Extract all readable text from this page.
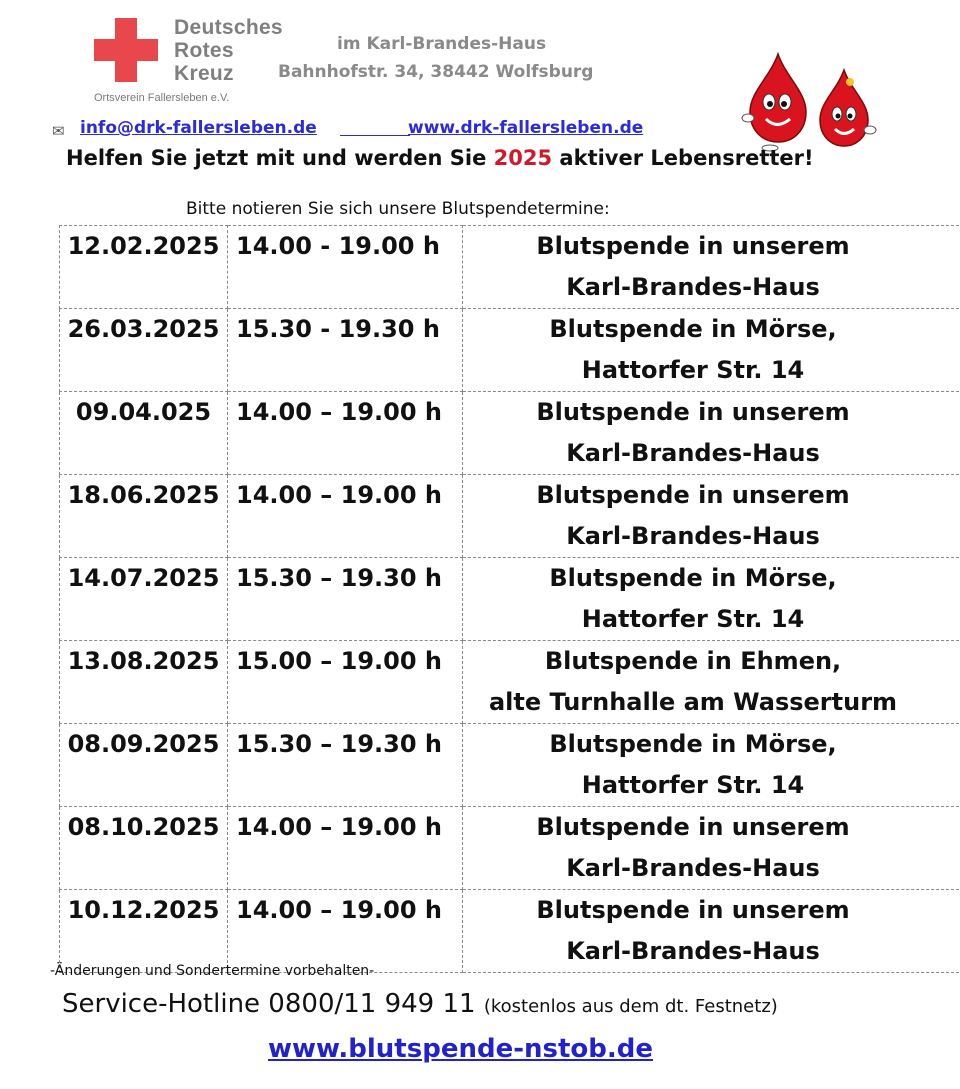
Deutsches
Rotes
Kreuz
Ortsverein Fallersleben e.V.
im Karl-Brandes-Haus
Bahnhofstr. 34, 38442 Wolfsburg
✉ info@drk-fallersleben.de	www.drk-fallersleben.de
Helfen Sie jetzt mit und werden Sie 2025 aktiver Lebensretter!
Bitte notieren Sie sich unsere Blutspendetermine:
12.02.2025	14.00 - 19.00 h	Blutspende in unserem
Karl-Brandes-Haus

26.03.2025	15.30 - 19.30 h	Blutspende in Mörse,
Hattorfer Str. 14

09.04.025	14.00 – 19.00 h	Blutspende in unserem
Karl-Brandes-Haus

18.06.2025	14.00 – 19.00 h	Blutspende in unserem
Karl-Brandes-Haus

14.07.2025	15.30 – 19.30 h	Blutspende in Mörse,
Hattorfer Str. 14

13.08.2025	15.00 – 19.00 h	Blutspende in Ehmen,
alte Turnhalle am Wasserturm

08.09.2025	15.30 – 19.30 h	Blutspende in Mörse,
Hattorfer Str. 14

08.10.2025	14.00 – 19.00 h	Blutspende in unserem
Karl-Brandes-Haus

10.12.2025	14.00 – 19.00 h	Blutspende in unserem
Karl-Brandes-Haus
-Änderungen und Sondertermine vorbehalten-
Service-Hotline 0800/11 949 11 (kostenlos aus dem dt. Festnetz)
www.blutspende-nstob.de
